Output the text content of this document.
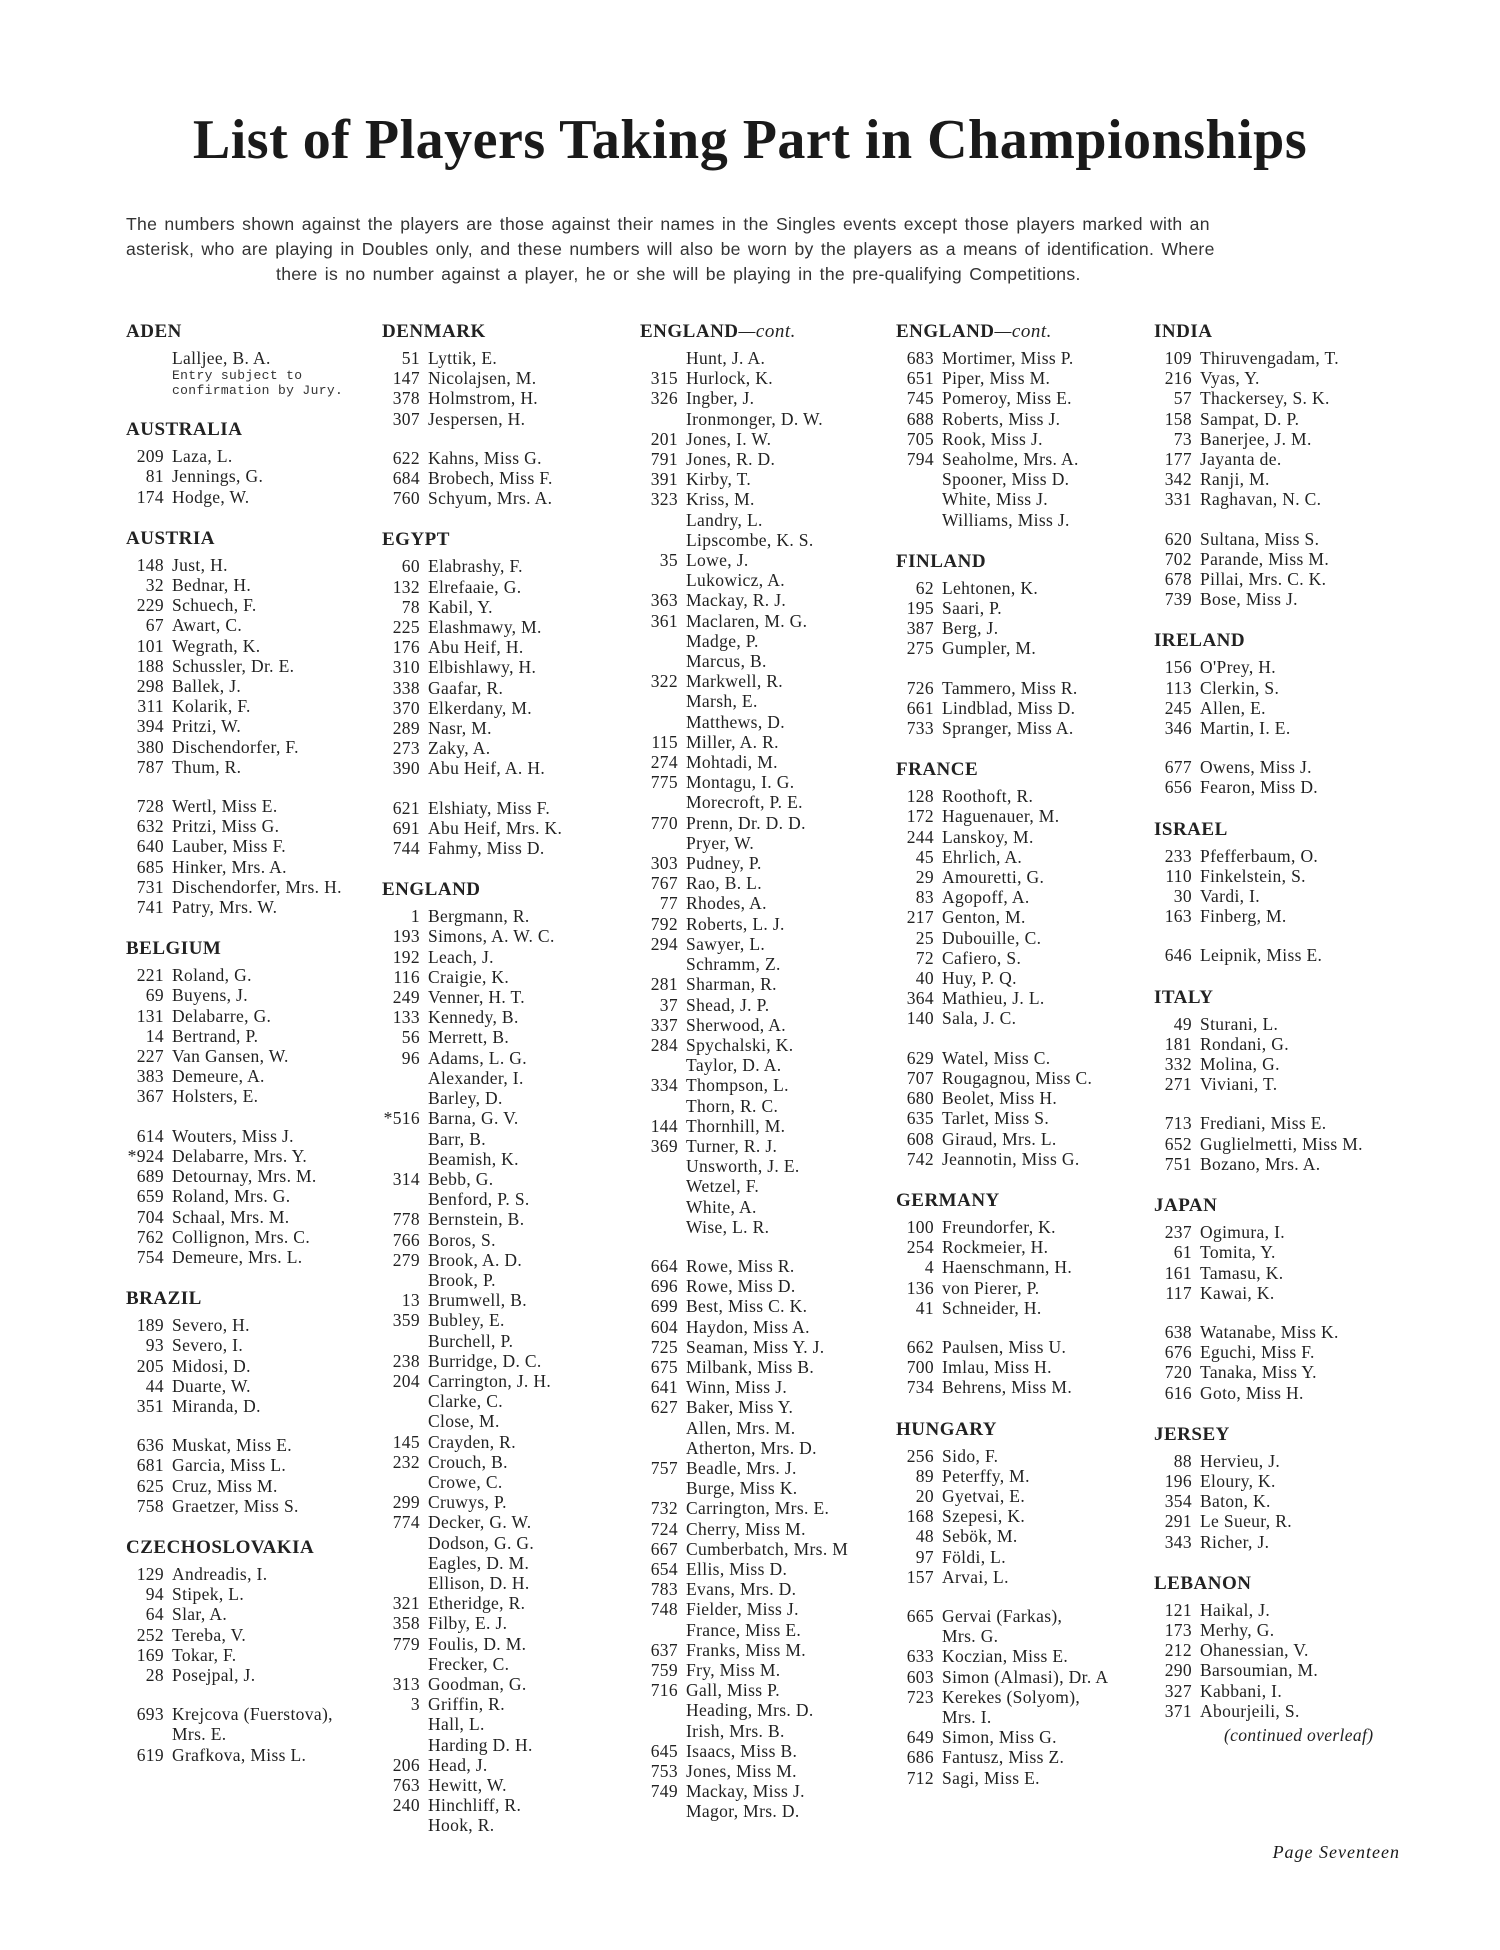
List of Players Taking Part in Championships
The numbers shown against the players are those against their names in the Singles events except those players marked with an
asterisk, who are playing in Doubles only, and these numbers will also be worn by the players as a means of identification. Where
there is no number against a player, he or she will be playing in the pre-qualifying Competitions.
ADEN
Lalljee, B. A.
Entry subject to confirmation by Jury.
AUSTRALIA
209 Laza, L.
81 Jennings, G.
174 Hodge, W.
AUSTRIA
148 Just, H.
32 Bednar, H.
229 Schuech, F.
67 Awart, C.
101 Wegrath, K.
188 Schussler, Dr. E.
298 Ballek, J.
311 Kolarik, F.
394 Pritzi, W.
380 Dischendorfer, F.
787 Thum, R.
728 Wertl, Miss E.
632 Pritzi, Miss G.
640 Lauber, Miss F.
685 Hinker, Mrs. A.
731 Dischendorfer, Mrs. H.
741 Patry, Mrs. W.
BELGIUM
221 Roland, G.
69 Buyens, J.
131 Delabarre, G.
14 Bertrand, P.
227 Van Gansen, W.
383 Demeure, A.
367 Holsters, E.
614 Wouters, Miss J.
*924 Delabarre, Mrs. Y.
689 Detournay, Mrs. M.
659 Roland, Mrs. G.
704 Schaal, Mrs. M.
762 Collignon, Mrs. C.
754 Demeure, Mrs. L.
BRAZIL
189 Severo, H.
93 Severo, I.
205 Midosi, D.
44 Duarte, W.
351 Miranda, D.
636 Muskat, Miss E.
681 Garcia, Miss L.
625 Cruz, Miss M.
758 Graetzer, Miss S.
CZECHOSLOVAKIA
129 Andreadis, I.
94 Stipek, L.
64 Slar, A.
252 Tereba, V.
169 Tokar, F.
28 Posejpal, J.
693 Krejcova (Fuerstova),
Mrs. E.
619 Grafkova, Miss L.
DENMARK
51 Lyttik, E.
147 Nicolajsen, M.
378 Holmstrom, H.
307 Jespersen, H.
622 Kahns, Miss G.
684 Brobech, Miss F.
760 Schyum, Mrs. A.
EGYPT
60 Elabrashy, F.
132 Elrefaaie, G.
78 Kabil, Y.
225 Elashmawy, M.
176 Abu Heif, H.
310 Elbishlawy, H.
338 Gaafar, R.
370 Elkerdany, M.
289 Nasr, M.
273 Zaky, A.
390 Abu Heif, A. H.
621 Elshiaty, Miss F.
691 Abu Heif, Mrs. K.
744 Fahmy, Miss D.
ENGLAND
1 Bergmann, R.
193 Simons, A. W. C.
192 Leach, J.
116 Craigie, K.
249 Venner, H. T.
133 Kennedy, B.
56 Merrett, B.
96 Adams, L. G.
Alexander, I.
Barley, D.
*516 Barna, G. V.
Barr, B.
Beamish, K.
314 Bebb, G.
Benford, P. S.
778 Bernstein, B.
766 Boros, S.
279 Brook, A. D.
Brook, P.
13 Brumwell, B.
359 Bubley, E.
Burchell, P.
238 Burridge, D. C.
204 Carrington, J. H.
Clarke, C.
Close, M.
145 Crayden, R.
232 Crouch, B.
Crowe, C.
299 Cruwys, P.
774 Decker, G. W.
Dodson, G. G.
Eagles, D. M.
Ellison, D. H.
321 Etheridge, R.
358 Filby, E. J.
779 Foulis, D. M.
Frecker, C.
313 Goodman, G.
3 Griffin, R.
Hall, L.
Harding D. H.
206 Head, J.
763 Hewitt, W.
240 Hinchliff, R.
Hook, R.
ENGLAND—cont.
Hunt, J. A.
315 Hurlock, K.
326 Ingber, J.
Ironmonger, D. W.
201 Jones, I. W.
791 Jones, R. D.
391 Kirby, T.
323 Kriss, M.
Landry, L.
Lipscombe, K. S.
35 Lowe, J.
Lukowicz, A.
363 Mackay, R. J.
361 Maclaren, M. G.
Madge, P.
Marcus, B.
322 Markwell, R.
Marsh, E.
Matthews, D.
115 Miller, A. R.
274 Mohtadi, M.
775 Montagu, I. G.
Morecroft, P. E.
770 Prenn, Dr. D. D.
Pryer, W.
303 Pudney, P.
767 Rao, B. L.
77 Rhodes, A.
792 Roberts, L. J.
294 Sawyer, L.
Schramm, Z.
281 Sharman, R.
37 Shead, J. P.
337 Sherwood, A.
284 Spychalski, K.
Taylor, D. A.
334 Thompson, L.
Thorn, R. C.
144 Thornhill, M.
369 Turner, R. J.
Unsworth, J. E.
Wetzel, F.
White, A.
Wise, L. R.
664 Rowe, Miss R.
696 Rowe, Miss D.
699 Best, Miss C. K.
604 Haydon, Miss A.
725 Seaman, Miss Y. J.
675 Milbank, Miss B.
641 Winn, Miss J.
627 Baker, Miss Y.
Allen, Mrs. M.
Atherton, Mrs. D.
757 Beadle, Mrs. J.
Burge, Miss K.
732 Carrington, Mrs. E.
724 Cherry, Miss M.
667 Cumberbatch, Mrs. M
654 Ellis, Miss D.
783 Evans, Mrs. D.
748 Fielder, Miss J.
France, Miss E.
637 Franks, Miss M.
759 Fry, Miss M.
716 Gall, Miss P.
Heading, Mrs. D.
Irish, Mrs. B.
645 Isaacs, Miss B.
753 Jones, Miss M.
749 Mackay, Miss J.
Magor, Mrs. D.
ENGLAND—cont.
683 Mortimer, Miss P.
651 Piper, Miss M.
745 Pomeroy, Miss E.
688 Roberts, Miss J.
705 Rook, Miss J.
794 Seaholme, Mrs. A.
Spooner, Miss D.
White, Miss J.
Williams, Miss J.
FINLAND
62 Lehtonen, K.
195 Saari, P.
387 Berg, J.
275 Gumpler, M.
726 Tammero, Miss R.
661 Lindblad, Miss D.
733 Spranger, Miss A.
FRANCE
128 Roothoft, R.
172 Haguenauer, M.
244 Lanskoy, M.
45 Ehrlich, A.
29 Amouretti, G.
83 Agopoff, A.
217 Genton, M.
25 Dubouille, C.
72 Cafiero, S.
40 Huy, P. Q.
364 Mathieu, J. L.
140 Sala, J. C.
629 Watel, Miss C.
707 Rougagnou, Miss C.
680 Beolet, Miss H.
635 Tarlet, Miss S.
608 Giraud, Mrs. L.
742 Jeannotin, Miss G.
GERMANY
100 Freundorfer, K.
254 Rockmeier, H.
4 Haenschmann, H.
136 von Pierer, P.
41 Schneider, H.
662 Paulsen, Miss U.
700 Imlau, Miss H.
734 Behrens, Miss M.
HUNGARY
256 Sido, F.
89 Peterffy, M.
20 Gyetvai, E.
168 Szepesi, K.
48 Sebök, M.
97 Földi, L.
157 Arvai, L.
665 Gervai (Farkas),
Mrs. G.
633 Koczian, Miss E.
603 Simon (Almasi), Dr. A
723 Kerekes (Solyom),
Mrs. I.
649 Simon, Miss G.
686 Fantusz, Miss Z.
712 Sagi, Miss E.
INDIA
109 Thiruvengadam, T.
216 Vyas, Y.
57 Thackersey, S. K.
158 Sampat, D. P.
73 Banerjee, J. M.
177 Jayanta de.
342 Ranji, M.
331 Raghavan, N. C.
620 Sultana, Miss S.
702 Parande, Miss M.
678 Pillai, Mrs. C. K.
739 Bose, Miss J.
IRELAND
156 O'Prey, H.
113 Clerkin, S.
245 Allen, E.
346 Martin, I. E.
677 Owens, Miss J.
656 Fearon, Miss D.
ISRAEL
233 Pfefferbaum, O.
110 Finkelstein, S.
30 Vardi, I.
163 Finberg, M.
646 Leipnik, Miss E.
ITALY
49 Sturani, L.
181 Rondani, G.
332 Molina, G.
271 Viviani, T.
713 Frediani, Miss E.
652 Guglielmetti, Miss M.
751 Bozano, Mrs. A.
JAPAN
237 Ogimura, I.
61 Tomita, Y.
161 Tamasu, K.
117 Kawai, K.
638 Watanabe, Miss K.
676 Eguchi, Miss F.
720 Tanaka, Miss Y.
616 Goto, Miss H.
JERSEY
88 Hervieu, J.
196 Eloury, K.
354 Baton, K.
291 Le Sueur, R.
343 Richer, J.
LEBANON
121 Haikal, J.
173 Merhy, G.
212 Ohanessian, V.
290 Barsoumian, M.
327 Kabbani, I.
371 Abourjeili, S.
(continued overleaf)
Page Seventeen
